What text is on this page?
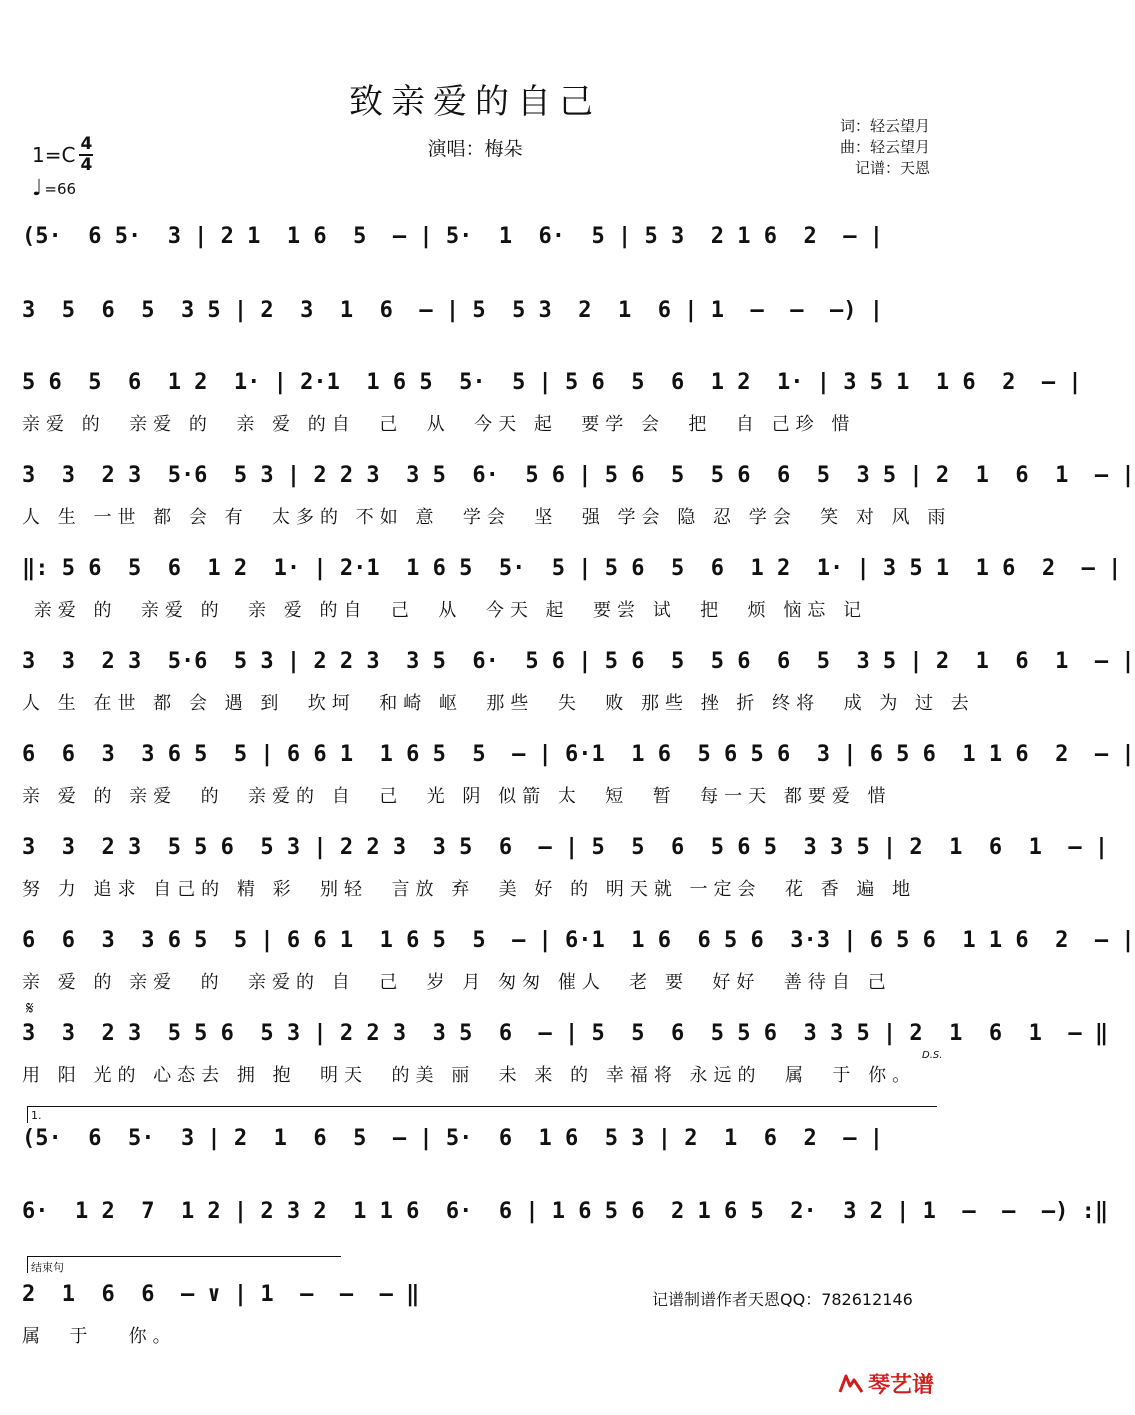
致亲爱的自己
演唱：梅朵
词：轻云望月
曲：轻云望月
记谱：天恩
1=C 4
4
♩ =66
(5·  6 5·  3 | 2 1  1 6  5  – | 5·  1  6·  5 | 5 3  2 1 6  2  – |
3  5  6  5  3 5 | 2  3  1  6  – | 5  5 3  2  1  6 | 1  –  –  –) |
5 6  5  6  1 2  1· | 2·1  1 6 5  5·  5 | 5 6  5  6  1 2  1· | 3 5 1  1 6  2  – |
亲爱 的  亲爱 的  亲 爱 的自  己  从  今天 起  要学 会  把  自 己珍 惜
3  3  2 3  5·6  5 3 | 2 2 3  3 5  6·  5 6 | 5 6  5  5 6  6  5  3 5 | 2  1  6  1  – |
人 生 一世 都 会 有  太多的 不如 意  学会  坚  强 学会 隐 忍 学会  笑 对 风 雨
‖: 5 6  5  6  1 2  1· | 2·1  1 6 5  5·  5 | 5 6  5  6  1 2  1· | 3 5 1  1 6  2  – |
亲爱 的  亲爱 的  亲 爱 的自  己  从  今天 起  要尝 试  把  烦 恼忘 记
3  3  2 3  5·6  5 3 | 2 2 3  3 5  6·  5 6 | 5 6  5  5 6  6  5  3 5 | 2  1  6  1  – |
人 生 在世 都 会 遇 到  坎坷  和崎 岖  那些  失  败 那些 挫 折 终将  成 为 过 去
6  6  3  3 6 5  5 | 6 6 1  1 6 5  5  – | 6·1  1 6  5 6 5 6  3 | 6 5 6  1 1 6  2  – |
亲 爱 的 亲爱  的  亲爱的 自  己  光 阴 似箭 太  短  暂  每一天 都要爱 惜
3  3  2 3  5 5 6  5 3 | 2 2 3  3 5  6  – | 5  5  6  5 6 5  3 3 5 | 2  1  6  1  – |
努 力 追求 自己的 精 彩  别轻  言放 弃  美 好 的 明天就 一定会  花 香 遍 地
6  6  3  3 6 5  5 | 6 6 1  1 6 5  5  – | 6·1  1 6  6 5 6  3·3 | 6 5 6  1 1 6  2  – |
亲 爱 的 亲爱  的  亲爱的 自  己  岁 月 匆匆 催人  老 要  好好  善待自 己
𝄋
3  3  2 3  5 5 6  5 3 | 2 2 3  3 5  6  – | 5  5  6  5 5 6  3 3 5 | 2  1  6  1  – ‖
用 阳 光的 心态去 拥 抱  明天  的美 丽  未 来 的 幸福将 永远的  属  于 你。
D.S.
1.
(5·  6  5·  3 | 2  1  6  5  – | 5·  6  1 6  5 3 | 2  1  6  2  – |
6·  1 2  7  1 2 | 2 3 2  1 1 6  6·  6 | 1 6 5 6  2 1 6 5  2·  3 2 | 1  –  –  –) :‖
结束句
2  1  6  6  – ∨ | 1  –  –  – ‖
属  于   你。
记谱制谱作者天恩QQ：782612146
琴艺谱
